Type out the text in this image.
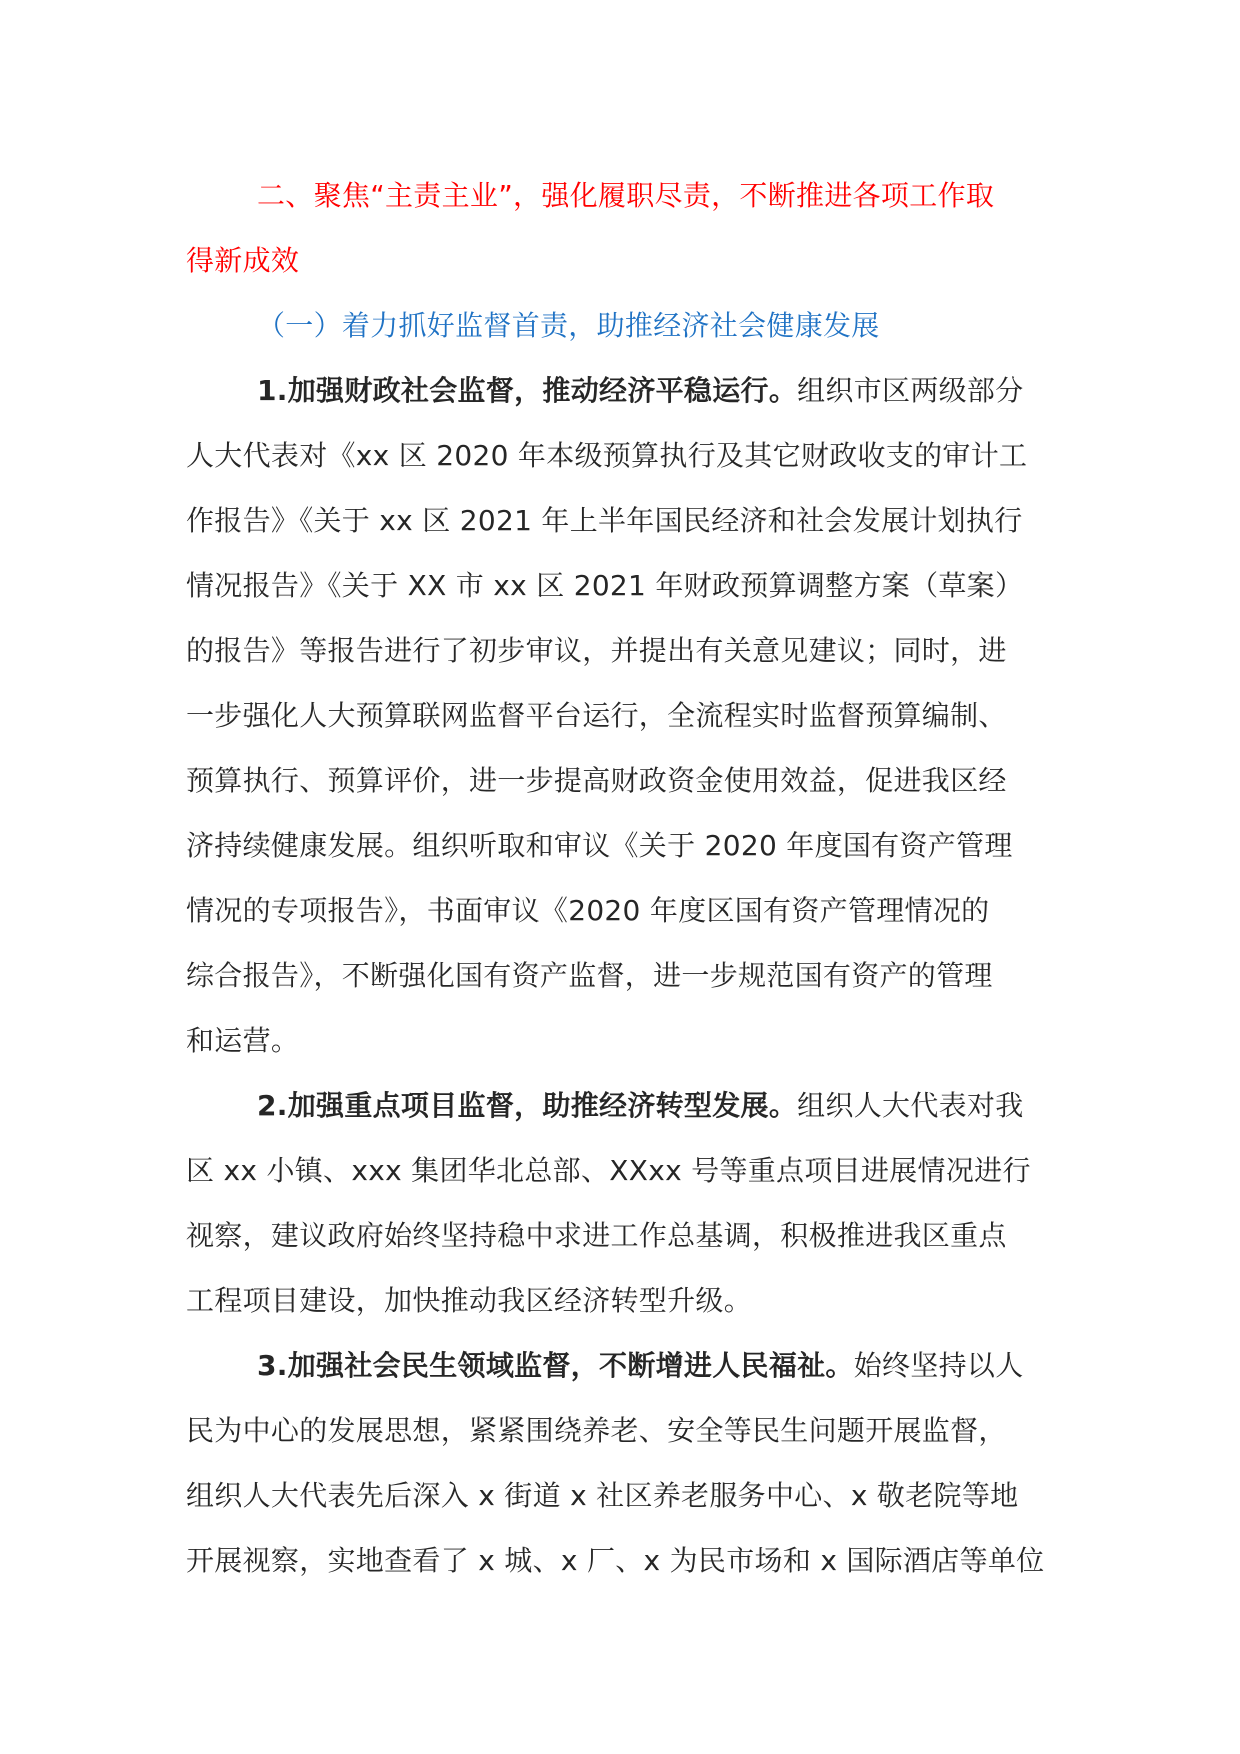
二、聚焦“主责主业”，强化履职尽责，不断推进各项工作取
得新成效
（一）着力抓好监督首责，助推经济社会健康发展
1.加强财政社会监督，推动经济平稳运行。组织市区两级部分
人大代表对《xx 区 2020 年本级预算执行及其它财政收支的审计工
作报告》《关于 xx 区 2021 年上半年国民经济和社会发展计划执行
情况报告》《关于 XX 市 xx 区 2021 年财政预算调整方案（草案）
的报告》等报告进行了初步审议，并提出有关意见建议；同时，进
一步强化人大预算联网监督平台运行，全流程实时监督预算编制、
预算执行、预算评价，进一步提高财政资金使用效益，促进我区经
济持续健康发展。组织听取和审议《关于 2020 年度国有资产管理
情况的专项报告》，书面审议《2020 年度区国有资产管理情况的
综合报告》，不断强化国有资产监督，进一步规范国有资产的管理
和运营。
2.加强重点项目监督，助推经济转型发展。组织人大代表对我
区 xx 小镇、xxx 集团华北总部、XXxx 号等重点项目进展情况进行
视察，建议政府始终坚持稳中求进工作总基调，积极推进我区重点
工程项目建设，加快推动我区经济转型升级。
3.加强社会民生领域监督，不断增进人民福祉。始终坚持以人
民为中心的发展思想，紧紧围绕养老、安全等民生问题开展监督，
组织人大代表先后深入 x 街道 x 社区养老服务中心、x 敬老院等地
开展视察，实地查看了 x 城、x 厂、x 为民市场和 x 国际酒店等单位
